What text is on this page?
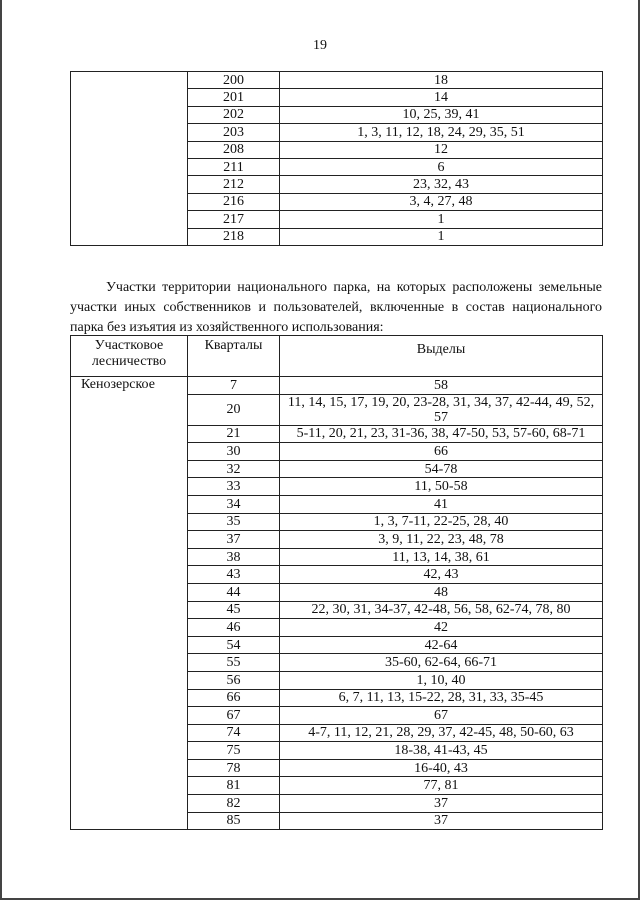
19
	200	18
	201	14
	202	10, 25, 39, 41
	203	1, 3, 11, 12, 18, 24, 29, 35, 51
	208	12
	211	6
	212	23, 32, 43
	216	3, 4, 27, 48
	217	1
	218	1

Участки территории национального парка, на которых расположены земельные участки иных собственников и пользователей, включенные в состав национального парка без изъятия из хозяйственного использования:

Участковое лесничество	Кварталы	Выделы
Кенозерское	7	58
	20	11, 14, 15, 17, 19, 20, 23-28, 31, 34, 37, 42-44, 49, 52, 57
	21	5-11, 20, 21, 23, 31-36, 38, 47-50, 53, 57-60, 68-71
	30	66
	32	54-78
	33	11, 50-58
	34	41
	35	1, 3, 7-11, 22-25, 28, 40
	37	3, 9, 11, 22, 23, 48, 78
	38	11, 13, 14, 38, 61
	43	42, 43
	44	48
	45	22, 30, 31, 34-37, 42-48, 56, 58, 62-74, 78, 80
	46	42
	54	42-64
	55	35-60, 62-64, 66-71
	56	1, 10, 40
	66	6, 7, 11, 13, 15-22, 28, 31, 33, 35-45
	67	67
	74	4-7, 11, 12, 21, 28, 29, 37, 42-45, 48, 50-60, 63
	75	18-38, 41-43, 45
	78	16-40, 43
	81	77, 81
	82	37
	85	37
